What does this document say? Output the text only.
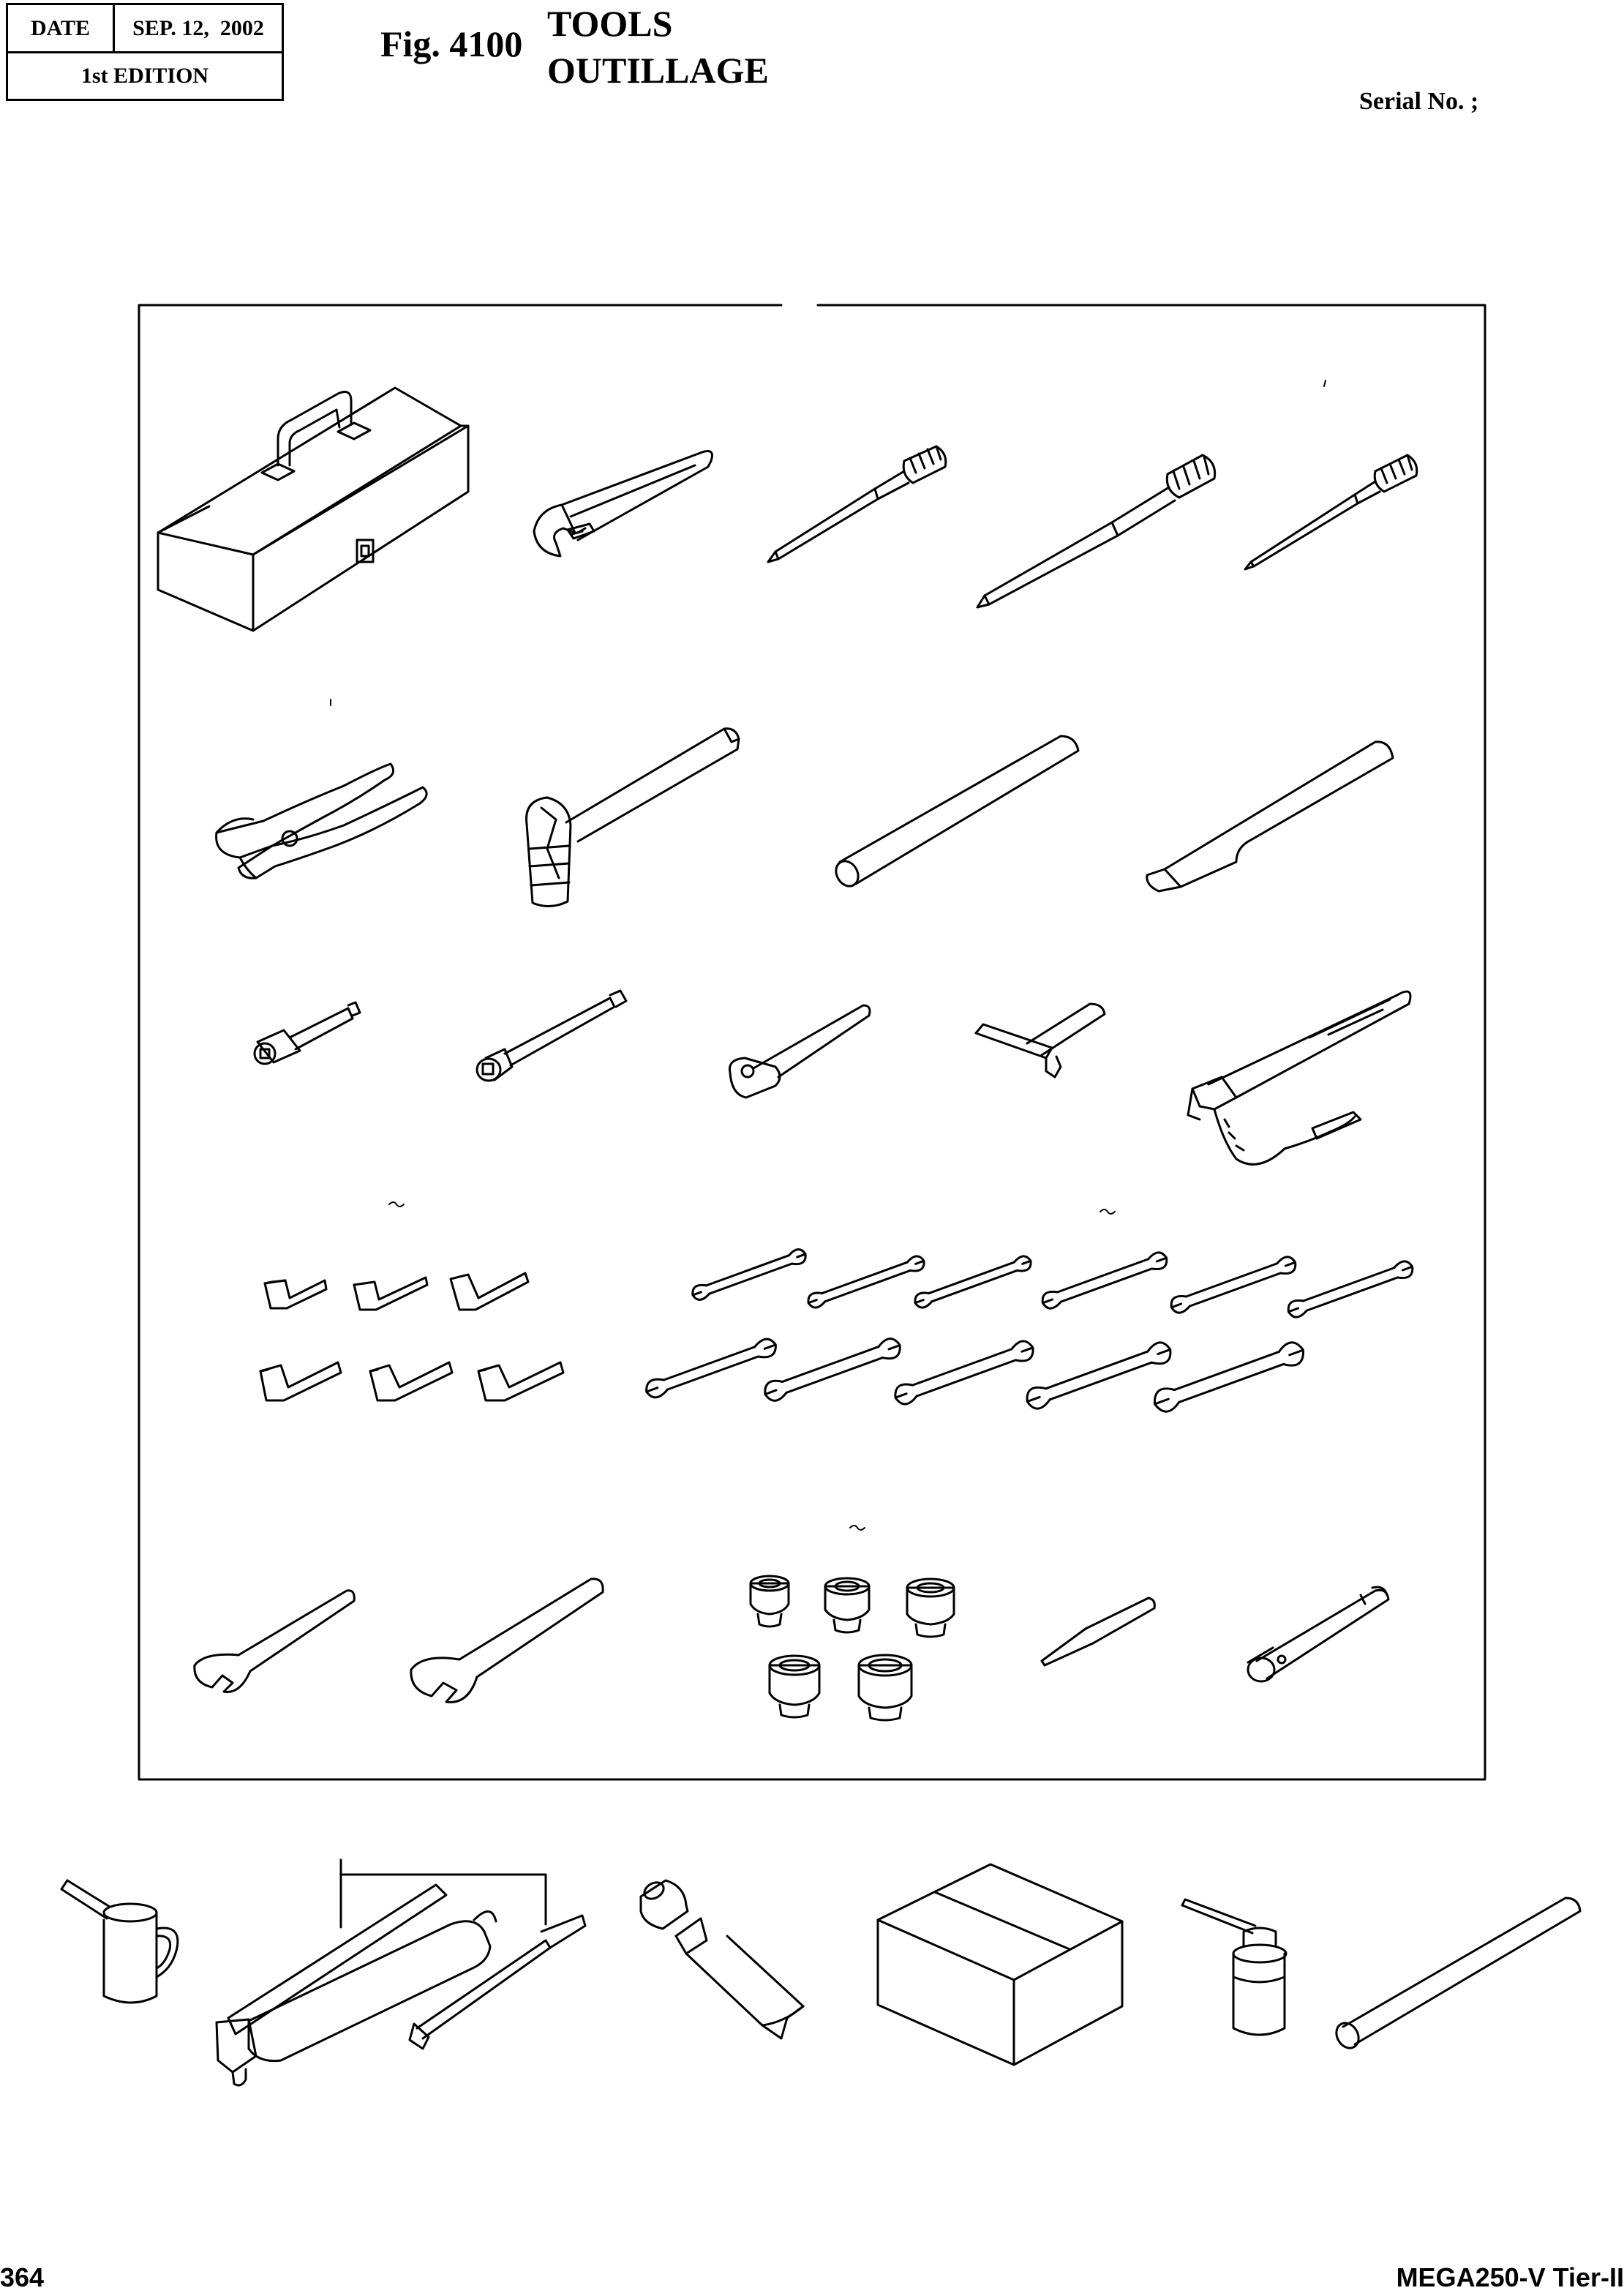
DATE	SEP. 12,  2002
1st EDITION
Fig. 4100 TOOLS
OUTILLAGE
Serial No. ;
364	MEGA250-V Tier-II
